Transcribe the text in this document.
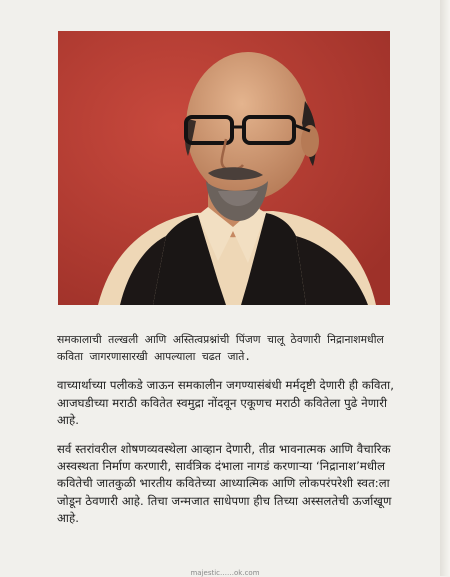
समकालाची तल्खली आणि अस्तित्वप्रश्नांची पिंजण चालू ठेवणारी निद्रानाशमधील कविता जागरणासारखी आपल्याला चढत जाते.

वाच्यार्थाच्या पलीकडे जाऊन समकालीन जगण्यासंबंधी मर्मदृष्टी देणारी ही कविता, आजघडीच्या मराठी कवितेत स्वमुद्रा नोंदवून एकूणच मराठी कवितेला पुढे नेणारी आहे.

सर्व स्तरांवरील शोषणव्यवस्थेला आव्हान देणारी, तीव्र भावनात्मक आणि वैचारिक अस्वस्थता निर्माण करणारी, सार्वत्रिक दंभाला नागडं करणाऱ्या ‘निद्रानाश’मधील कवितेची जातकुळी भारतीय कवितेच्या आध्यात्मिक आणि लोकपरंपरेशी स्वत:ला जोडून ठेवणारी आहे. तिचा जन्मजात साधेपणा हीच तिच्या अस्सलतेची ऊर्जाखूण आहे.

majestic……ok.com
